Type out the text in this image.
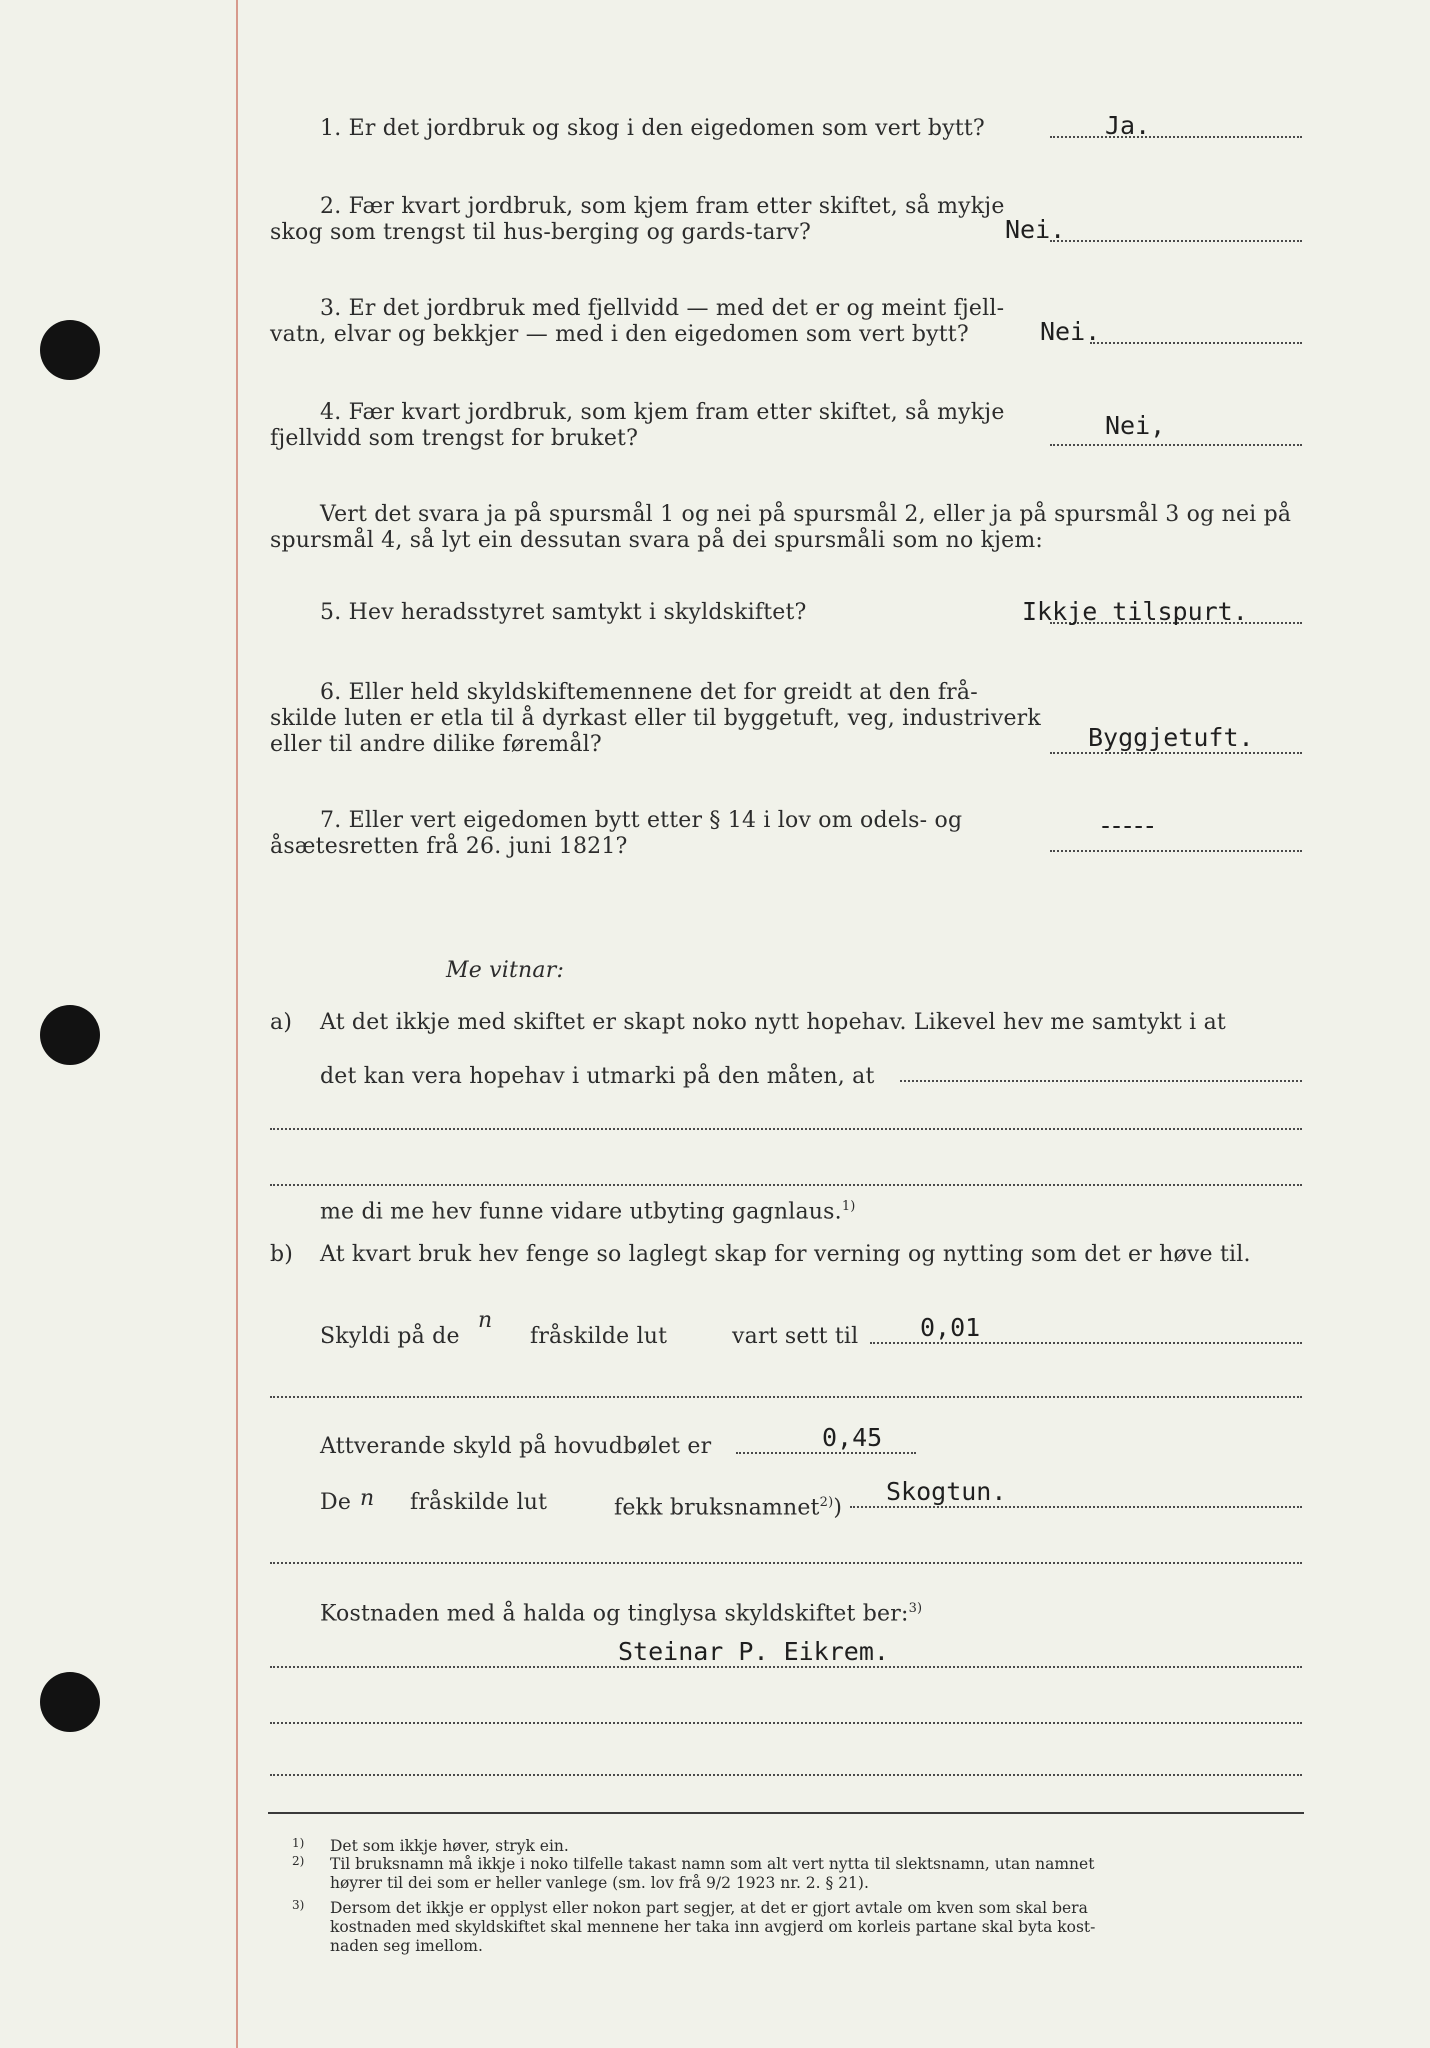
1. Er det jordbruk og skog i den eigedomen som vert bytt?	Ja.
2. Fær kvart jordbruk, som kjem fram etter skiftet, så mykje
skog som trengst til hus-berging og gards-tarv?	Nei.
3. Er det jordbruk med fjellvidd — med det er og meint fjell-
vatn, elvar og bekkjer — med i den eigedomen som vert bytt?	Nei.
4. Fær kvart jordbruk, som kjem fram etter skiftet, så mykje
fjellvidd som trengst for bruket?	Nei,
Vert det svara ja på spursmål 1 og nei på spursmål 2, eller ja på spursmål 3 og nei på
spursmål 4, så lyt ein dessutan svara på dei spursmåli som no kjem:
5. Hev heradsstyret samtykt i skyldskiftet?	Ikkje tilspurt.
6. Eller held skyldskiftemennene det for greidt at den frå-
skilde luten er etla til å dyrkast eller til byggetuft, veg, industriverk
eller til andre dilike føremål?	Byggjetuft.
7. Eller vert eigedomen bytt etter § 14 i lov om odels- og
åsætesretten frå 26. juni 1821?
-----
Me vitnar:
a) At det ikkje med skiftet er skapt noko nytt hopehav. Likevel hev me samtykt i at
det kan vera hopehav i utmarki på den måten, at
me di me hev funne vidare utbyting gagnlaus.$^{1)}$
b) At kvart bruk hev fenge so laglegt skap for verning og nytting som det er høve til.
Skyldi på de
n
fråskilde lut	vart sett til 0,01
Attverande skyld på hovudbølet er	0,45
De n fråskilde lut	fekk bruksnamnet$^{2)}$)
Skogtun.
Kostnaden med å halda og tinglysa skyldskiftet ber:$^{3)}$
Steinar P. Eikrem.
1) Det som ikkje høver, stryk ein.
2) Til bruksnamn må ikkje i noko tilfelle takast namn som alt vert nytta til slektsnamn, utan namnet
høyrer til dei som er heller vanlege (sm. lov frå 9/2 1923 nr. 2. § 21).
3) Dersom det ikkje er opplyst eller nokon part segjer, at det er gjort avtale om kven som skal bera
kostnaden med skyldskiftet skal mennene her taka inn avgjerd om korleis partane skal byta kost-
naden seg imellom.
